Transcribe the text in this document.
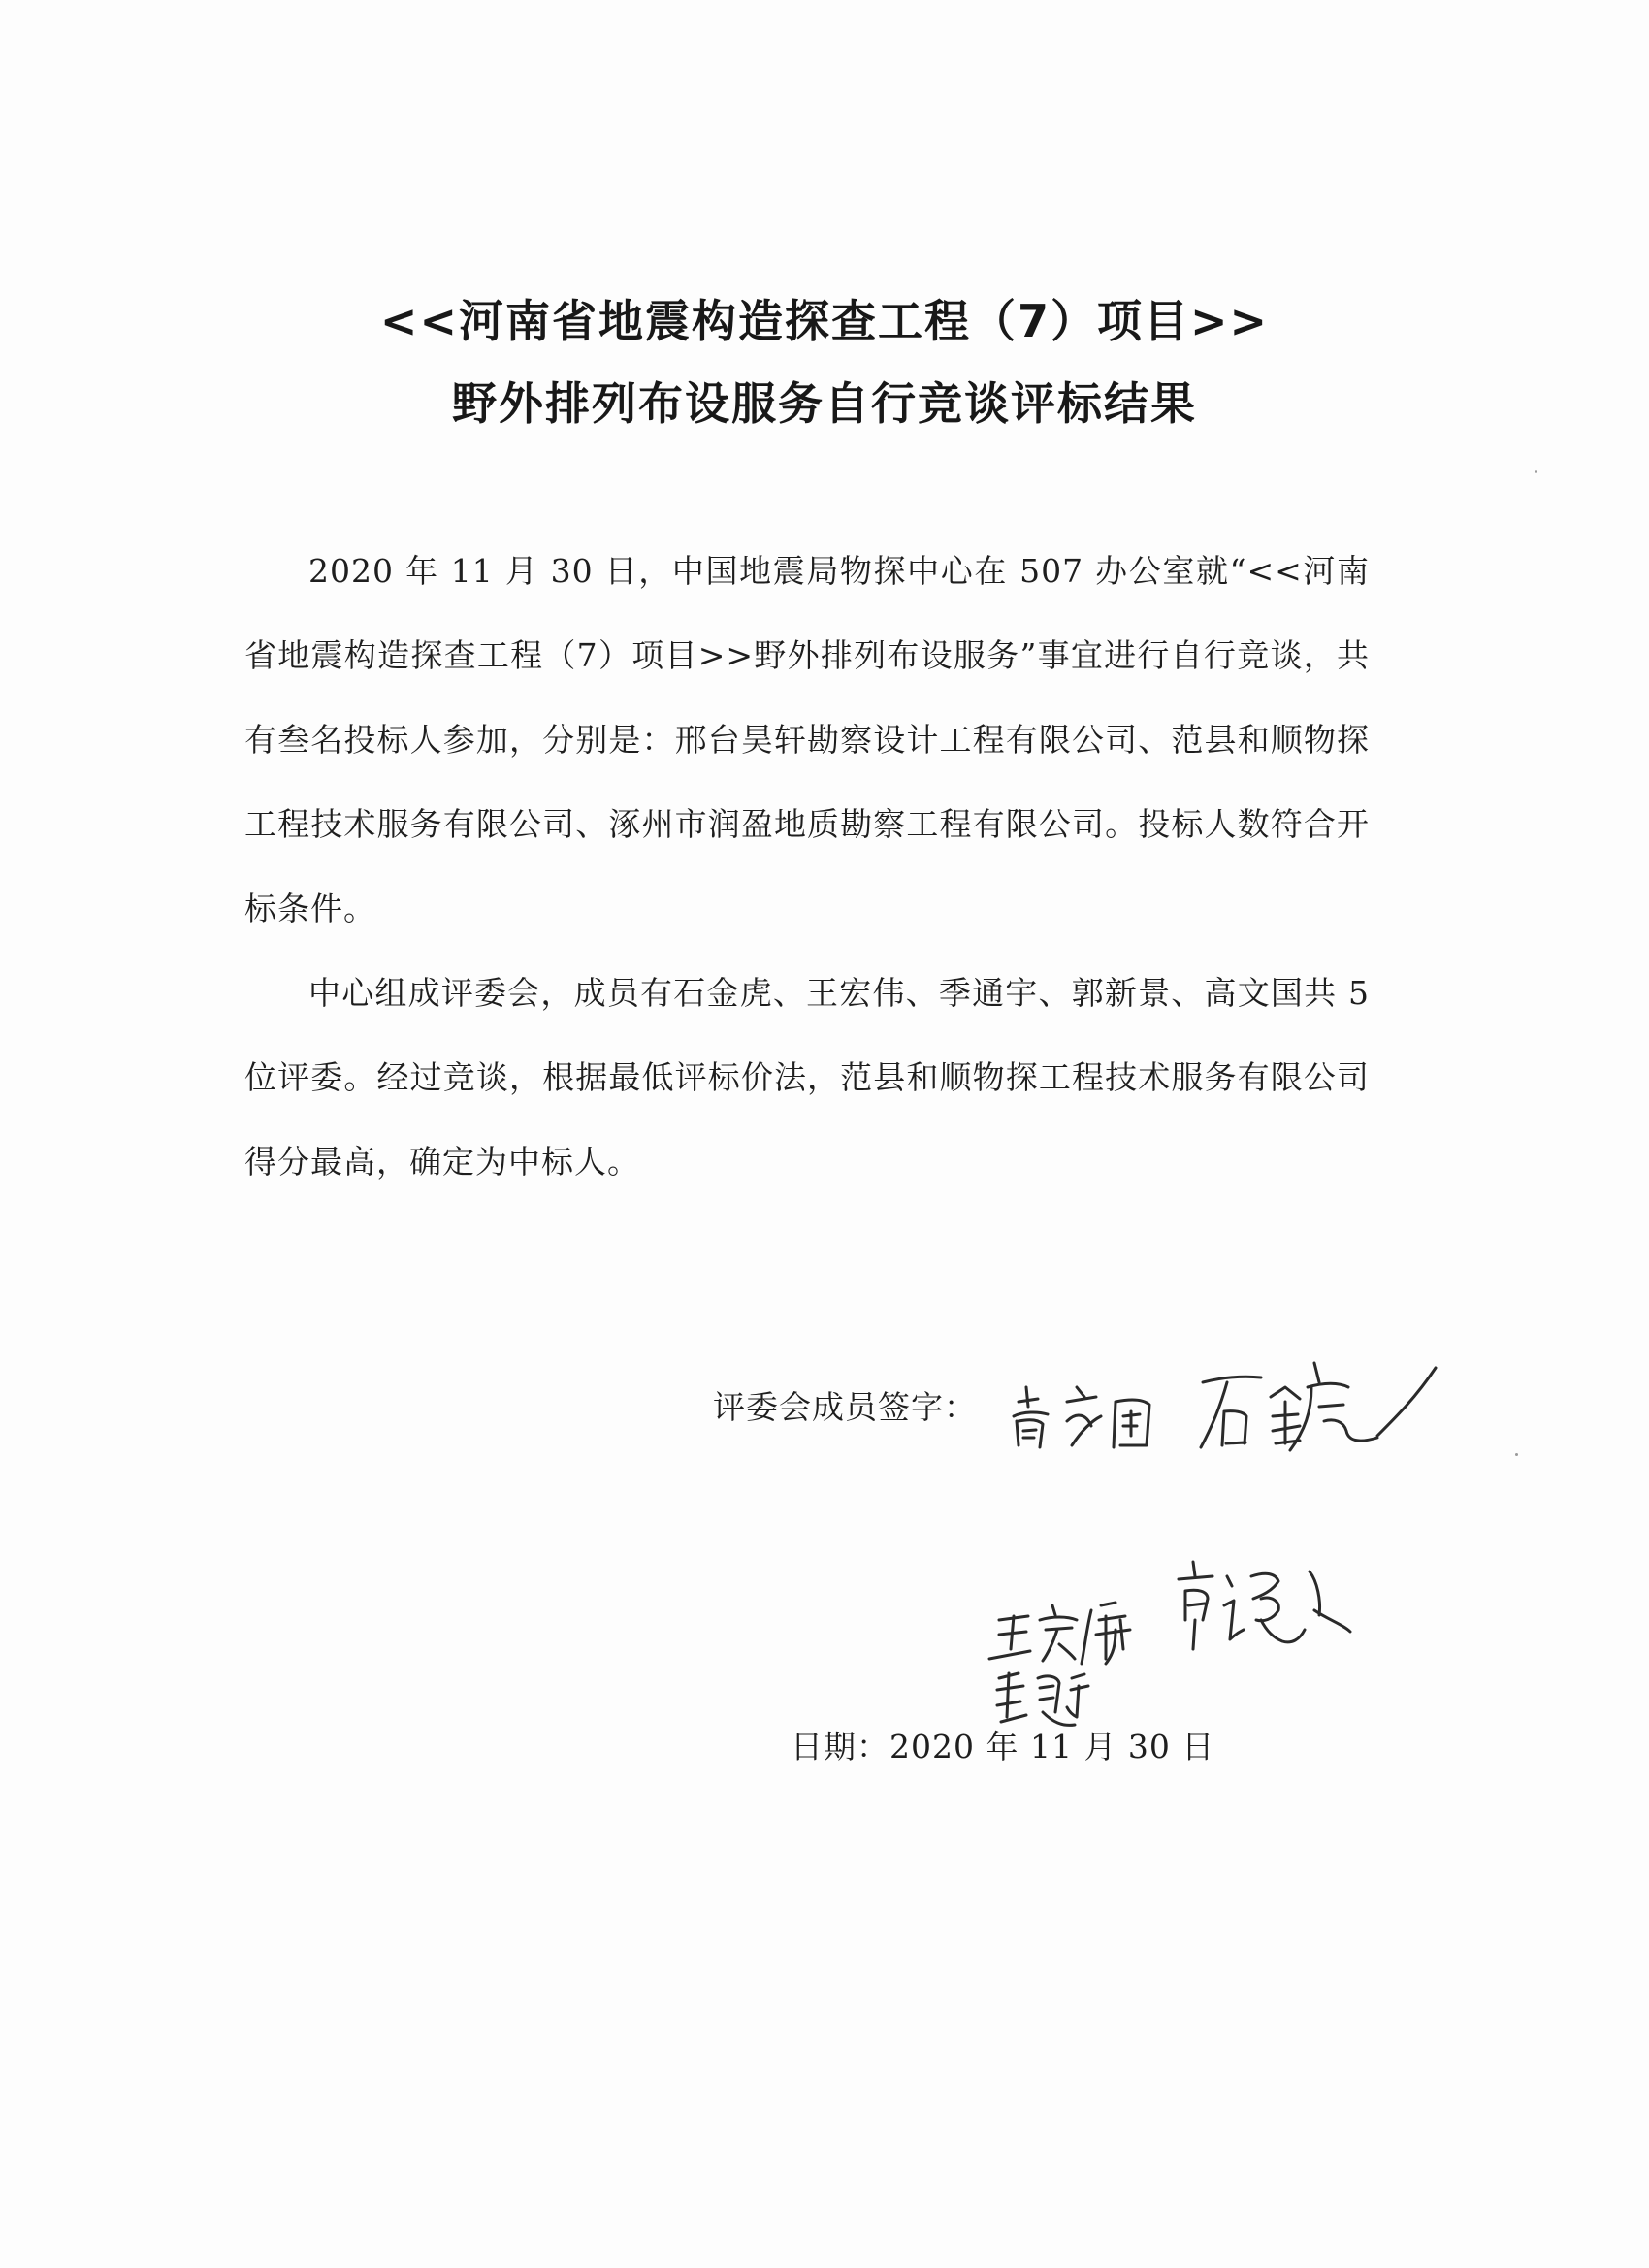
<<河南省地震构造探查工程（7）项目>>
野外排列布设服务自行竞谈评标结果

2020 年 11 月 30 日，中国地震局物探中心在 507 办公室就“<<河南省地震构造探查工程（7）项目>>野外排列布设服务”事宜进行自行竞谈，共有叁名投标人参加，分别是：邢台昊轩勘察设计工程有限公司、范县和顺物探工程技术服务有限公司、涿州市润盈地质勘察工程有限公司。投标人数符合开标条件。

中心组成评委会，成员有石金虎、王宏伟、季通宇、郭新景、高文国共 5 位评委。经过竞谈，根据最低评标价法，范县和顺物探工程技术服务有限公司得分最高，确定为中标人。

评委会成员签字：
日期：2020 年 11 月 30 日
